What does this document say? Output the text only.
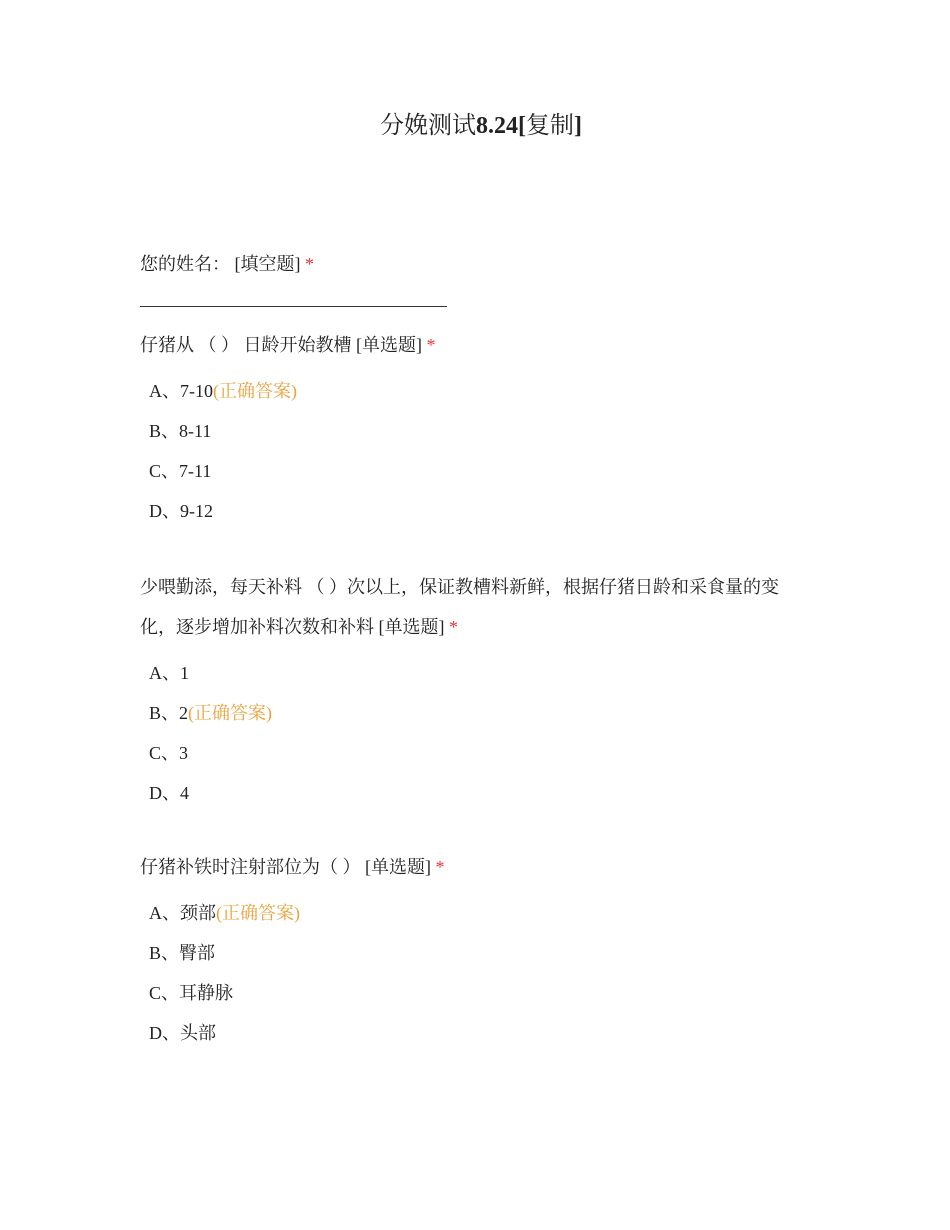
分娩测试8.24[复制]
您的姓名： [填空题] *
仔猪从 （ ） 日龄开始教槽 [单选题] *
A、7-10(正确答案)
B、8-11
C、7-11
D、9-12
少喂勤添，每天补料 （ ）次以上，保证教槽料新鲜，根据仔猪日龄和采食量的变化，逐步增加补料次数和补料 [单选题] *
A、1
B、2(正确答案)
C、3
D、4
仔猪补铁时注射部位为（ ） [单选题] *
A、颈部(正确答案)
B、臀部
C、耳静脉
D、头部
